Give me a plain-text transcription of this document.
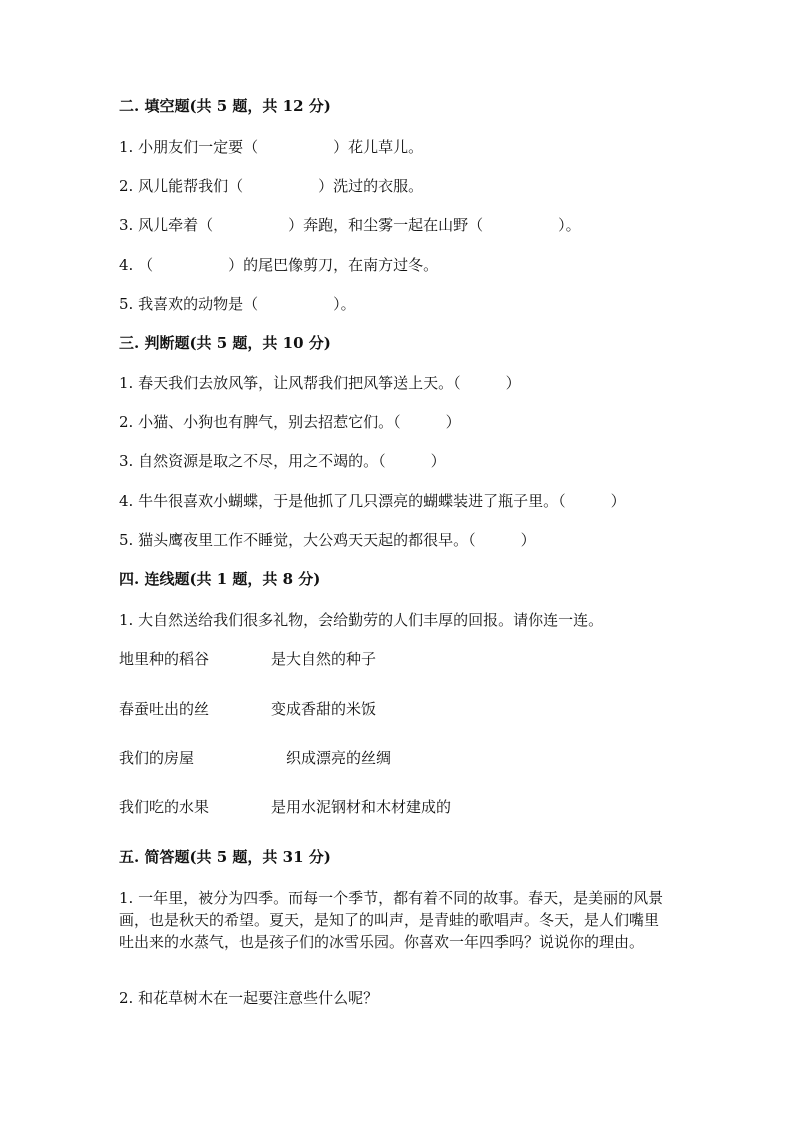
二. 填空题(共 5 题，共 12 分)
1. 小朋友们一定要（　　　　　）花儿草儿。
2. 风儿能帮我们（　　　　　）洗过的衣服。
3. 风儿牵着（　　　　　）奔跑，和尘雾一起在山野（　　　　　）。
4. （　　　　　）的尾巴像剪刀，在南方过冬。
5. 我喜欢的动物是（　　　　　）。
三. 判断题(共 5 题，共 10 分)
1. 春天我们去放风筝，让风帮我们把风筝送上天。（　　　）
2. 小猫、小狗也有脾气，别去招惹它们。（　　　）
3. 自然资源是取之不尽，用之不竭的。（　　　）
4. 牛牛很喜欢小蝴蝶，于是他抓了几只漂亮的蝴蝶装进了瓶子里。（　　　）
5. 猫头鹰夜里工作不睡觉，大公鸡天天起的都很早。（　　　）
四. 连线题(共 1 题，共 8 分)
1. 大自然送给我们很多礼物，会给勤劳的人们丰厚的回报。请你连一连。
地里种的稻谷	是大自然的种子
春蚕吐出的丝	变成香甜的米饭
我们的房屋	织成漂亮的丝绸
我们吃的水果	是用水泥钢材和木材建成的
五. 简答题(共 5 题，共 31 分)
1. 一年里，被分为四季。而每一个季节，都有着不同的故事。春天，是美丽的风景画，也是秋天的希望。夏天，是知了的叫声，是青蛙的歌唱声。冬天，是人们嘴里吐出来的水蒸气，也是孩子们的冰雪乐园。你喜欢一年四季吗？说说你的理由。
2. 和花草树木在一起要注意些什么呢？
